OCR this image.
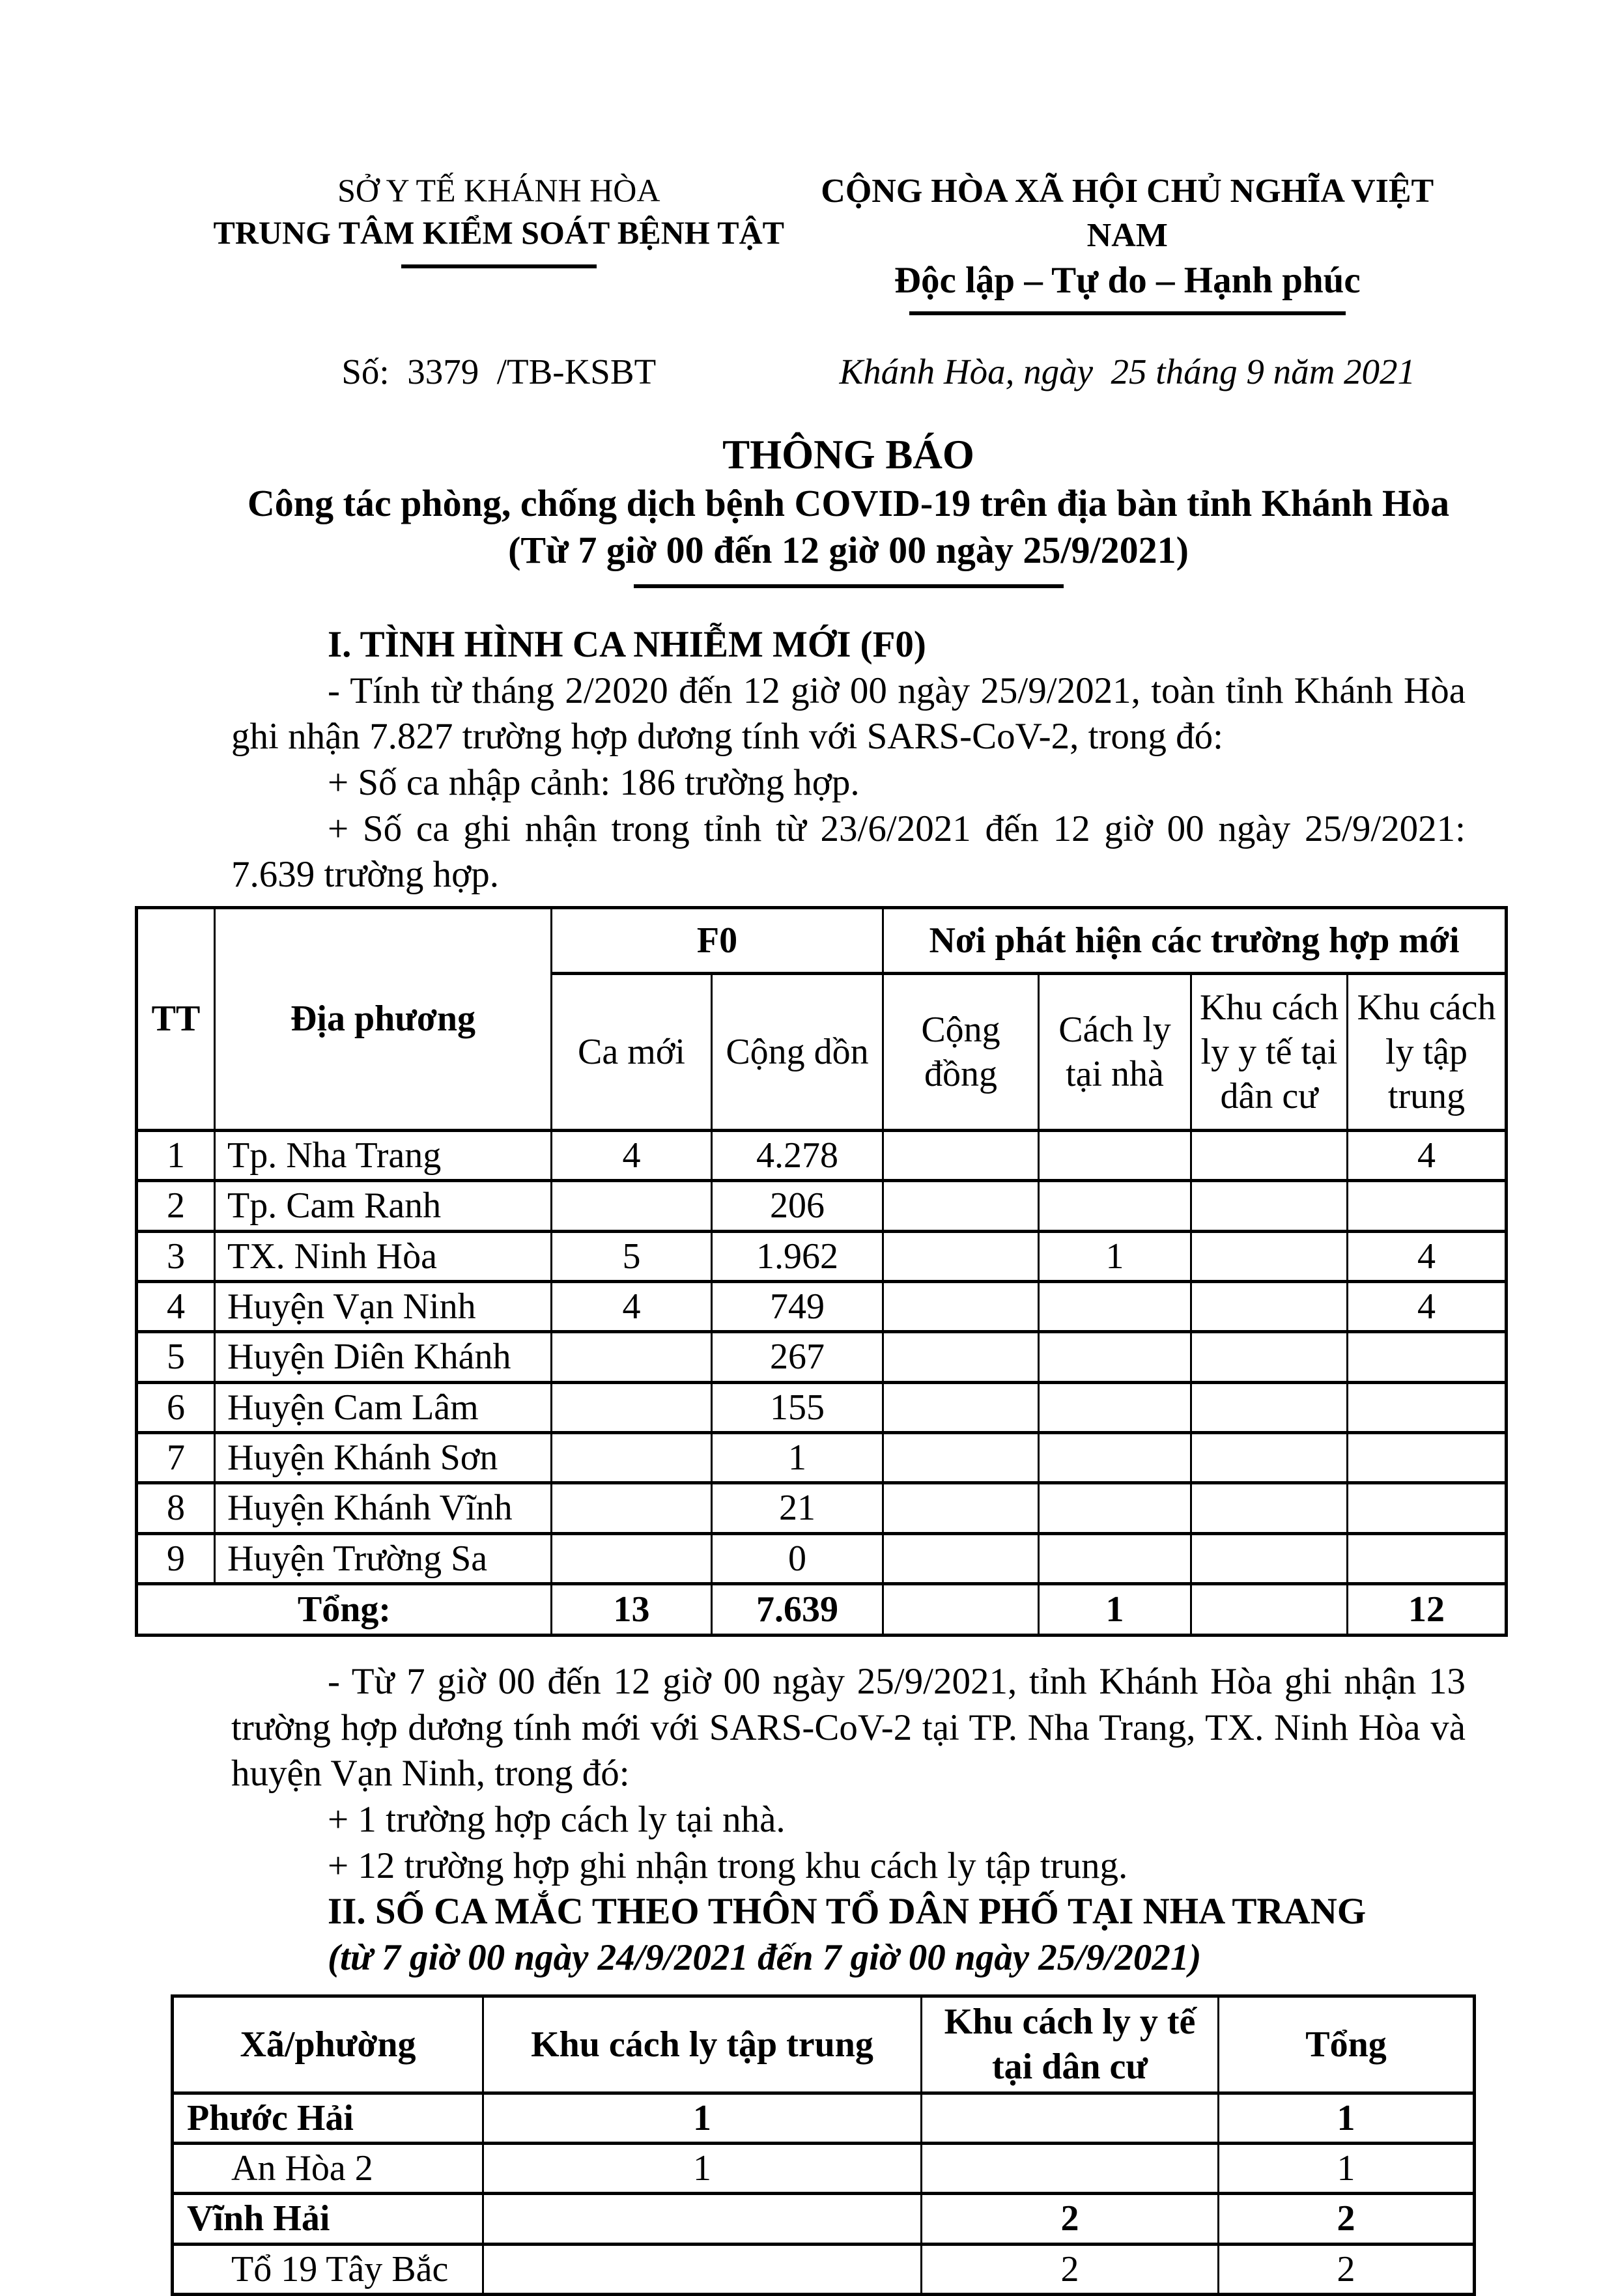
SỞ Y TẾ KHÁNH HÒA
TRUNG TÂM KIỂM SOÁT BỆNH TẬT
CỘNG HÒA XÃ HỘI CHỦ NGHĨA VIỆT NAM
Độc lập – Tự do – Hạnh phúc
Số:  3379  /TB-KSBT	Khánh Hòa, ngày  25 tháng 9 năm 2021
THÔNG BÁO
Công tác phòng, chống dịch bệnh COVID-19 trên địa bàn tỉnh Khánh Hòa
(Từ 7 giờ 00 đến 12 giờ 00 ngày 25/9/2021)

I. TÌNH HÌNH CA NHIỄM MỚI (F0)

- Tính từ tháng 2/2020 đến 12 giờ 00 ngày 25/9/2021, toàn tỉnh Khánh Hòa ghi nhận 7.827 trường hợp dương tính với SARS-CoV-2, trong đó:

+ Số ca nhập cảnh: 186 trường hợp.

+ Số ca ghi nhận trong tỉnh từ 23/6/2021 đến 12 giờ 00 ngày 25/9/2021: 7.639 trường hợp.

TT	Địa phương	F0		Nơi phát hiện các trường hợp mới			
		Ca mới	Cộng dồn	Cộng đồng	Cách ly tại nhà	Khu cách ly y tế tại dân cư	Khu cách ly tập trung
1	Tp. Nha Trang	4	4.278				4
2	Tp. Cam Ranh		206				
3	TX. Ninh Hòa	5	1.962		1		4
4	Huyện Vạn Ninh	4	749				4
5	Huyện Diên Khánh		267				
6	Huyện Cam Lâm		155				
7	Huyện Khánh Sơn		1				
8	Huyện Khánh Vĩnh		21				
9	Huyện Trường Sa		0				
Tổng:		13	7.639		1		12

- Từ 7 giờ 00 đến 12 giờ 00 ngày 25/9/2021, tỉnh Khánh Hòa ghi nhận 13 trường hợp dương tính mới với SARS-CoV-2 tại TP. Nha Trang, TX. Ninh Hòa và huyện Vạn Ninh, trong đó:

+ 1 trường hợp cách ly tại nhà.

+ 12 trường hợp ghi nhận trong khu cách ly tập trung.

II. SỐ CA MẮC THEO THÔN TỔ DÂN PHỐ TẠI NHA TRANG

(từ 7 giờ 00 ngày 24/9/2021 đến 7 giờ 00 ngày 25/9/2021)

Xã/phường	Khu cách ly tập trung	Khu cách ly y tế tại dân cư	Tổng
Phước Hải	1		1
An Hòa 2	1		1
Vĩnh Hải		2	2
Tổ 19 Tây Bắc		2	2
